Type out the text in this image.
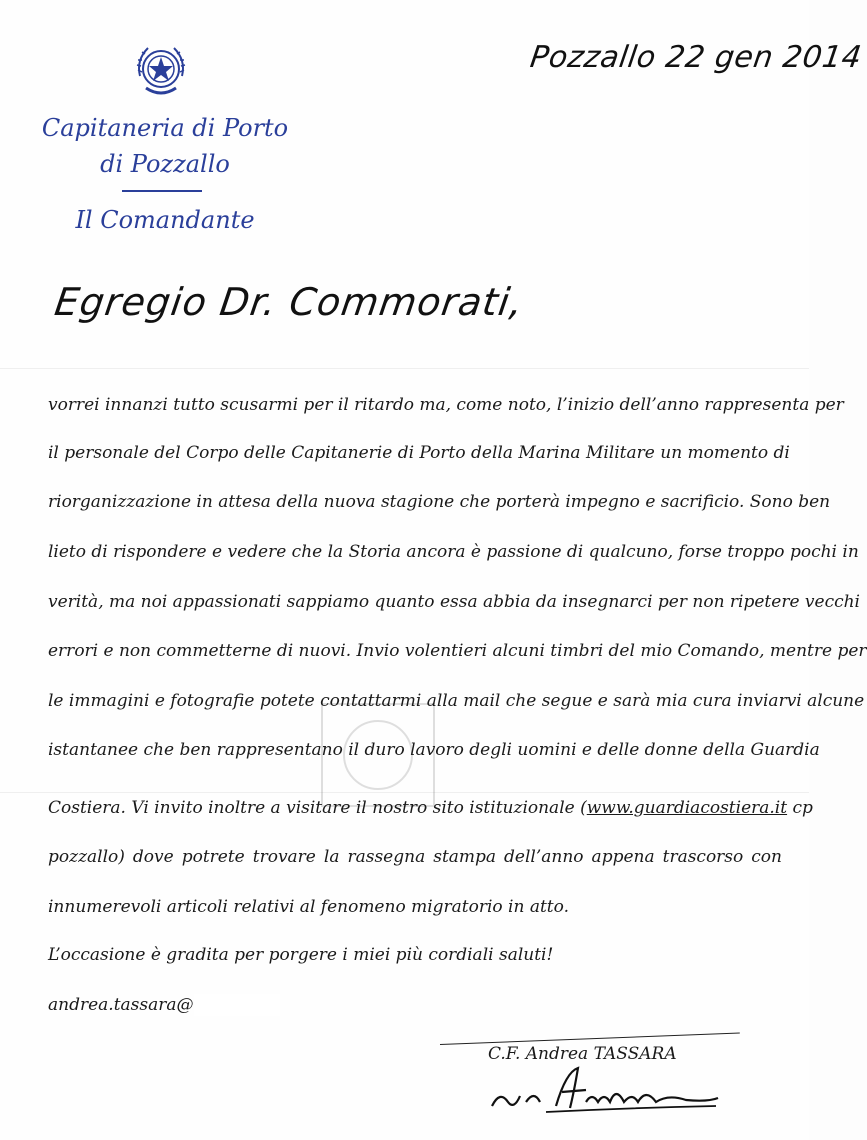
Capitaneria di Porto
di Pozzallo
Il Comandante
Pozzallo 22 gen 2014
Egregio Dr. Commorati,
vorrei innanzi tutto scusarmi per il ritardo ma, come noto, l’inizio dell’anno rappresenta per
il personale del Corpo delle Capitanerie di Porto della Marina Militare un momento di
riorganizzazione in attesa della nuova stagione che porterà impegno e sacrificio. Sono ben
lieto di rispondere e vedere che la Storia ancora è passione di qualcuno, forse troppo pochi in
verità, ma noi appassionati sappiamo quanto essa abbia da insegnarci per non ripetere vecchi
errori e non commetterne di nuovi. Invio volentieri alcuni timbri del mio Comando, mentre per
le immagini e fotografie potete contattarmi alla mail che segue e sarà mia cura inviarvi alcune
istantanee che ben rappresentano il duro lavoro degli uomini e delle donne della Guardia
Costiera. Vi invito inoltre a visitare il nostro sito istituzionale (www.guardiacostiera.it cp
pozzallo) dove potrete trovare la rassegna stampa dell’anno appena trascorso con
innumerevoli articoli relativi al fenomeno migratorio in atto.
L’occasione è gradita per porgere i miei più cordiali saluti!
andrea.tassara@
C.F. Andrea TASSARA
